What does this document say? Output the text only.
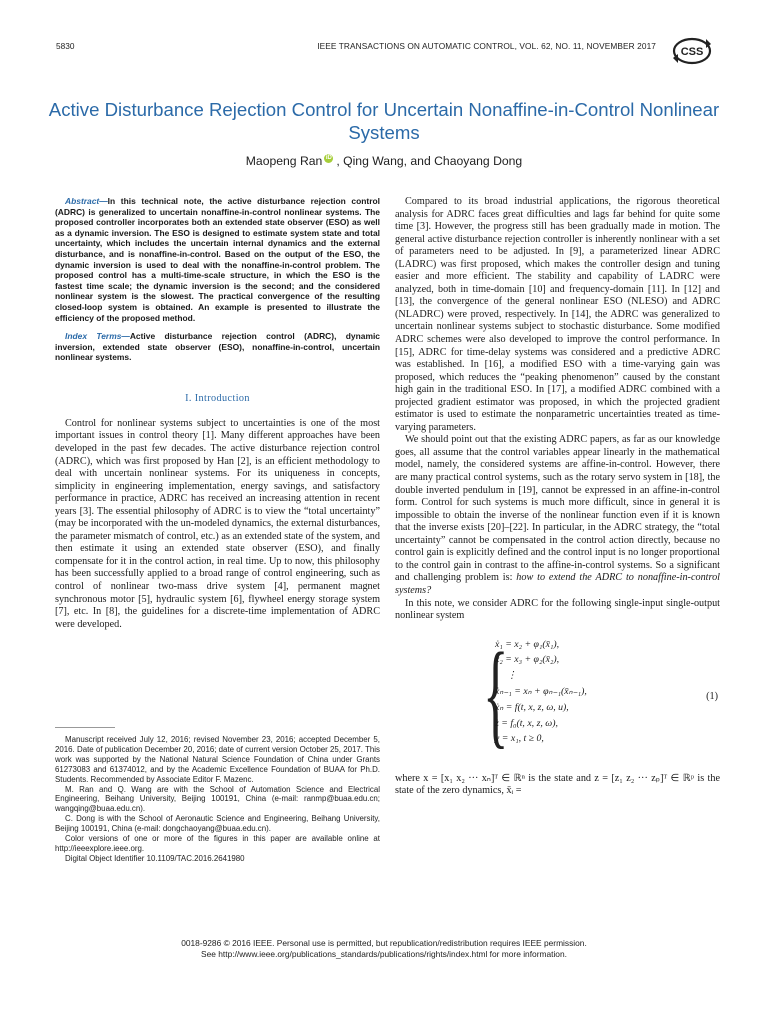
5830	IEEE TRANSACTIONS ON AUTOMATIC CONTROL, VOL. 62, NO. 11, NOVEMBER 2017 CSS
Active Disturbance Rejection Control for Uncertain Nonaffine-in-Control Nonlinear Systems
Maopeng Ran iD , Qing Wang, and Chaoyang Dong

Abstract—In this technical note, the active disturbance rejection control (ADRC) is generalized to uncertain nonaffine-in-control nonlinear systems. The proposed controller incorporates both an extended state observer (ESO) as well as a dynamic inversion. The ESO is designed to estimate system state and total uncertainty, which includes the uncertain internal dynamics and the external disturbance, and is nonaffine-in-control. Based on the output of the ESO, the dynamic inversion is used to deal with the nonaffine-in-control problem. The proposed control has a multi-time-scale structure, in which the ESO is the fastest time scale; the dynamic inversion is the second; and the considered nonlinear system is the slowest. The practical convergence of the resulting closed-loop system is obtained. An example is presented to illustrate the efficiency of the proposed method.

Index Terms—Active disturbance rejection control (ADRC), dynamic inversion, extended state observer (ESO), nonaffine-in-control, uncertain nonlinear systems.

I. Introduction

Control for nonlinear systems subject to uncertainties is one of the most important issues in control theory [1]. Many different approaches have been developed in the past few decades. The active disturbance rejection control (ADRC), which was first proposed by Han [2], is an efficient methodology to deal with uncertain nonlinear systems. For its uniqueness in concepts, simplicity in engineering implementation, energy savings, and satisfactory performance in practice, ADRC has received an increasing attention in recent years [3]. The essential philosophy of ADRC is to view the “total uncertainty” (may be incorporated with the un-modeled dynamics, the external disturbances, the parameter mismatch of control, etc.) as an extended state of the system, and then estimate it using an extended state observer (ESO), and finally compensate for it in the control action, in real time. Up to now, this philosophy has been successfully applied to a broad range of control engineering, such as control of nonlinear two-mass drive system [4], permanent magnet synchronous motor [5], hydraulic system [6], flywheel energy storage system [7], etc. In [8], the guidelines for a discrete-time implementation of ADRC were developed.

Manuscript received July 12, 2016; revised November 23, 2016; accepted December 5, 2016. Date of publication December 20, 2016; date of current version October 25, 2017. This work was supported by the National Natural Science Foundation of China under Grants 61273083 and 61374012, and by the Academic Excellence Foundation of BUAA for Ph.D. Students. Recommended by Associate Editor F. Mazenc.

M. Ran and Q. Wang are with the School of Automation Science and Electrical Engineering, Beihang University, Beijing 100191, China (e-mail: ranmp@buaa.edu.cn; wangqing@buaa.edu.cn).

C. Dong is with the School of Aeronautic Science and Engineering, Beihang University, Beijing 100191, China (e-mail: dongchaoyang@buaa.edu.cn).

Color versions of one or more of the figures in this paper are available online at http://ieeexplore.ieee.org.

Digital Object Identifier 10.1109/TAC.2016.2641980

Compared to its broad industrial applications, the rigorous theoretical analysis for ADRC faces great difficulties and lags far behind for quite some time [3]. However, the progress still has been gradually made in motion. The general active disturbance rejection controller is inherently nonlinear with a set of parameters need to be adjusted. In [9], a parameterized linear ADRC (LADRC) was first proposed, which makes the controller design and tuning easier and more efficient. The stability and capability of LADRC were analyzed, both in time-domain [10] and frequency-domain [11]. In [12] and [13], the convergence of the general nonlinear ESO (NLESO) and ADRC (NLADRC) were proved, respectively. In [14], the ADRC was generalized to uncertain nonlinear systems subject to stochastic disturbance. Some modified ADRC schemes were also developed to improve the control performance. In [15], ADRC for time-delay systems was considered and a predictive ADRC was established. In [16], a modified ESO with a time-varying gain was proposed, which reduces the “peaking phenomenon” caused by the constant high gain in the traditional ESO. In [17], a modified ADRC combined with a projected gradient estimator was proposed, in which the projected gradient estimator is used to estimate the nonparametric uncertainties treated as time-varying parameters.

We should point out that the existing ADRC papers, as far as our knowledge goes, all assume that the control variables appear linearly in the mathematical model, namely, the considered systems are affine-in-control. However, there are many practical control systems, such as the rotary servo system in [18], the double inverted pendulum in [19], cannot be expressed in an affine-in-control form. Control for such systems is much more difficult, since in general it is impossible to obtain the inverse of the nonlinear function even if it is known that the inverse exists [20]–[22]. In particular, in the ADRC strategy, the “total uncertainty” cannot be compensated in the control action directly, because no control gain is explicitly defined and the control input is no longer proportional to the control gain in contrast to the affine-in-control systems. So a significant and challenging problem is: how to extend the ADRC to nonaffine-in-control systems?

In this note, we consider ADRC for the following single-input single-output nonlinear system

{
ẋ₁ = x₂ + φ₁(x̄₁),
ẋ₂ = x₃ + φ₂(x̄₂),
⋮
ẋₙ₋₁ = xₙ + φₙ₋₁(x̄ₙ₋₁),
ẋₙ = f(t, x, z, ω, u),
ż = f₀(t, x, z, ω),
y = x₁, t ≥ 0,
(1)

where x = [x₁ x₂ ··· xₙ]ᵀ ∈ ℝⁿ is the state and z = [z₁ z₂ ··· zₚ]ᵀ ∈ ℝᵖ is the state of the zero dynamics, x̄ᵢ =

0018-9286 © 2016 IEEE. Personal use is permitted, but republication/redistribution requires IEEE permission.
See http://www.ieee.org/publications_standards/publications/rights/index.html for more information.
